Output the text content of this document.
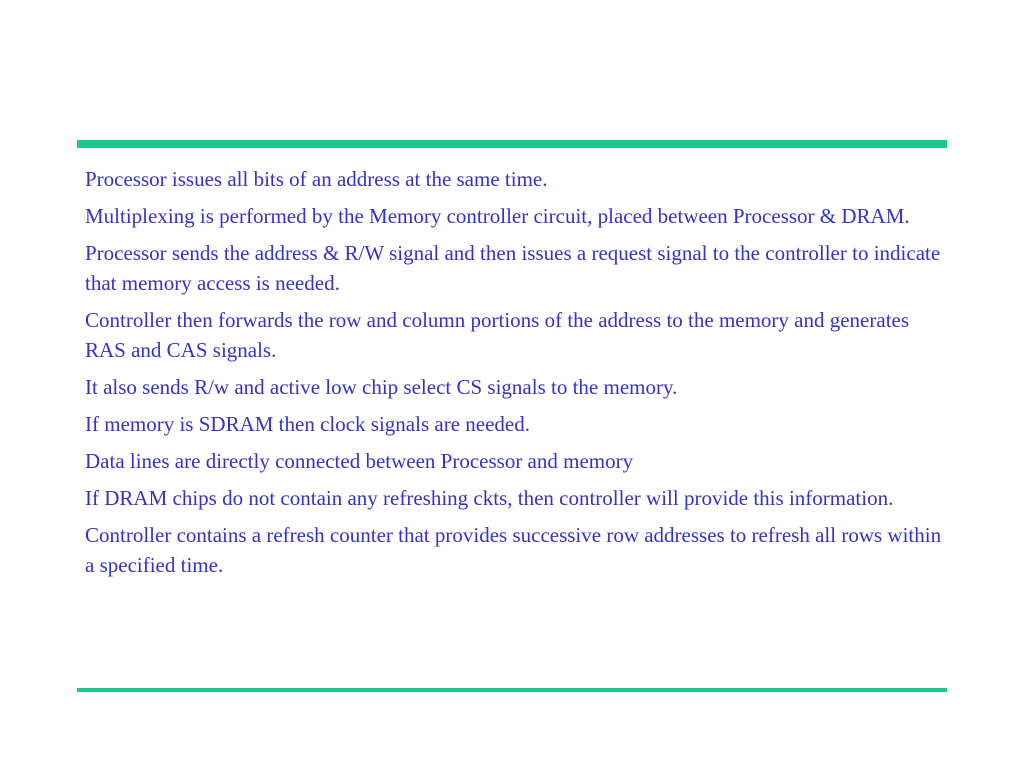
Processor issues all bits of an address at the same time.

Multiplexing is performed by the Memory controller circuit, placed between Processor & DRAM.

Processor sends the address & R/W signal and then issues a request signal to the controller to indicate that memory access is needed.

Controller then forwards the row and column portions of the address to the memory and generates RAS and CAS signals.

It also sends R/w and active low chip select CS signals to the memory.

If memory is SDRAM then clock signals are needed.

Data lines are directly connected between Processor and memory

If DRAM chips do not contain any refreshing ckts, then controller will provide this information.

Controller contains a refresh counter that provides successive row addresses to refresh all rows within a specified time.
